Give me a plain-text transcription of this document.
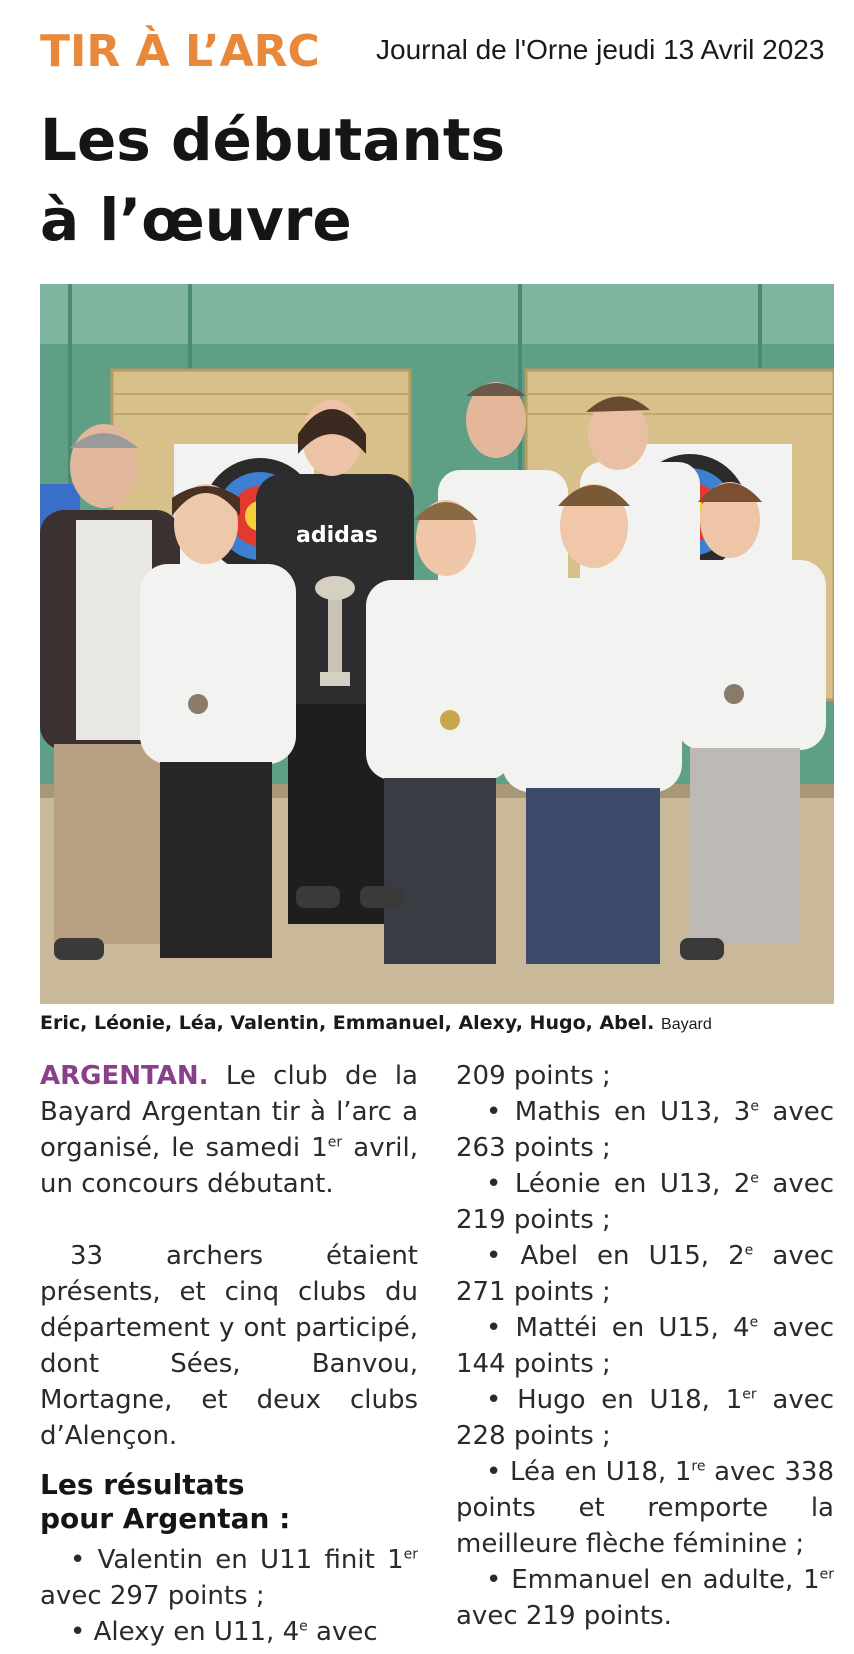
TIR À L’ARC Journal de l'Orne jeudi 13 Avril 2023
Les débutants
à l’œuvre
adidas
Eric, Léonie, Léa, Valentin, Emmanuel, Alexy, Hugo, Abel. Bayard

ARGENTAN. Le club de la Bayard Argentan tir à l’arc a organisé, le samedi 1er avril, un concours débutant.

33 archers étaient présents, et cinq clubs du département y ont participé, dont Sées, Banvou, Mortagne, et deux clubs d’Alençon.

Les résultats
pour Argentan :

• Valentin en U11 finit 1er avec 297 points ;

• Alexy en U11, 4e avec

209 points ;

• Mathis en U13, 3e avec 263 points ;

• Léonie en U13, 2e avec 219 points ;

• Abel en U15, 2e avec 271 points ;

• Mattéi en U15, 4e avec 144 points ;

• Hugo en U18, 1er avec 228 points ;

• Léa en U18, 1re avec 338 points et remporte la meilleure flèche féminine ;

• Emmanuel en adulte, 1er avec 219 points.
